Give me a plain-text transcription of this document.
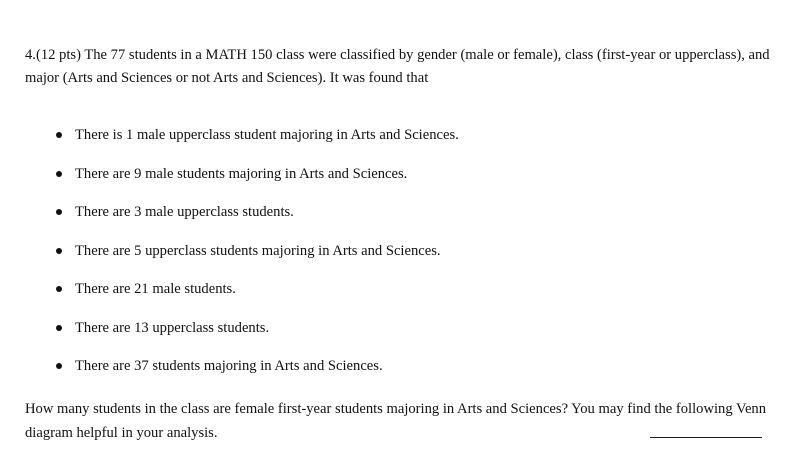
4.(12 pts) The 77 students in a MATH 150 class were classified by gender (male or female), class (first-year or upperclass), and major (Arts and Sciences or not Arts and Sciences). It was found that

There is 1 male upperclass student majoring in Arts and Sciences.
There are 9 male students majoring in Arts and Sciences.
There are 3 male upperclass students.
There are 5 upperclass students majoring in Arts and Sciences.
There are 21 male students.
There are 13 upperclass students.
There are 37 students majoring in Arts and Sciences.

How many students in the class are female first-year students majoring in Arts and Sciences? You may find the following Venn diagram helpful in your analysis.
